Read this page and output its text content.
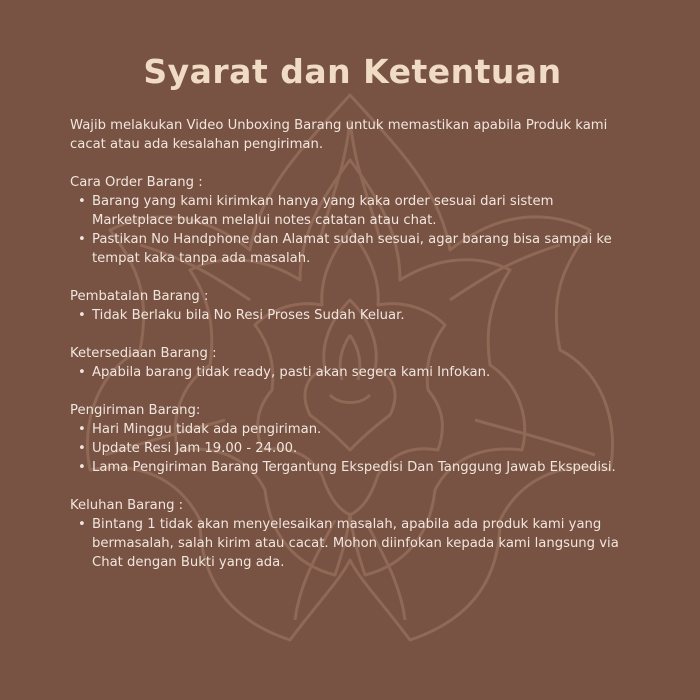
Syarat dan Ketentuan

Wajib melakukan Video Unboxing Barang untuk memastikan apabila Produk kami cacat atau ada kesalahan pengiriman.

Cara Order Barang :

• Barang yang kami kirimkan hanya yang kaka order sesuai dari sistem Marketplace bukan melalui notes catatan atau chat.
• Pastikan No Handphone dan Alamat sudah sesuai, agar barang bisa sampai ke tempat kaka tanpa ada masalah.

Pembatalan Barang :

• Tidak Berlaku bila No Resi Proses Sudah Keluar.

Ketersediaan Barang :

• Apabila barang tidak ready, pasti akan segera kami Infokan.

Pengiriman Barang:

• Hari Minggu tidak ada pengiriman.
• Update Resi Jam 19.00 - 24.00.
• Lama Pengiriman Barang Tergantung Ekspedisi Dan Tanggung Jawab Ekspedisi.

Keluhan Barang :

• Bintang 1 tidak akan menyelesaikan masalah, apabila ada produk kami yang bermasalah, salah kirim atau cacat. Mohon diinfokan kepada kami langsung via Chat dengan Bukti yang ada.
